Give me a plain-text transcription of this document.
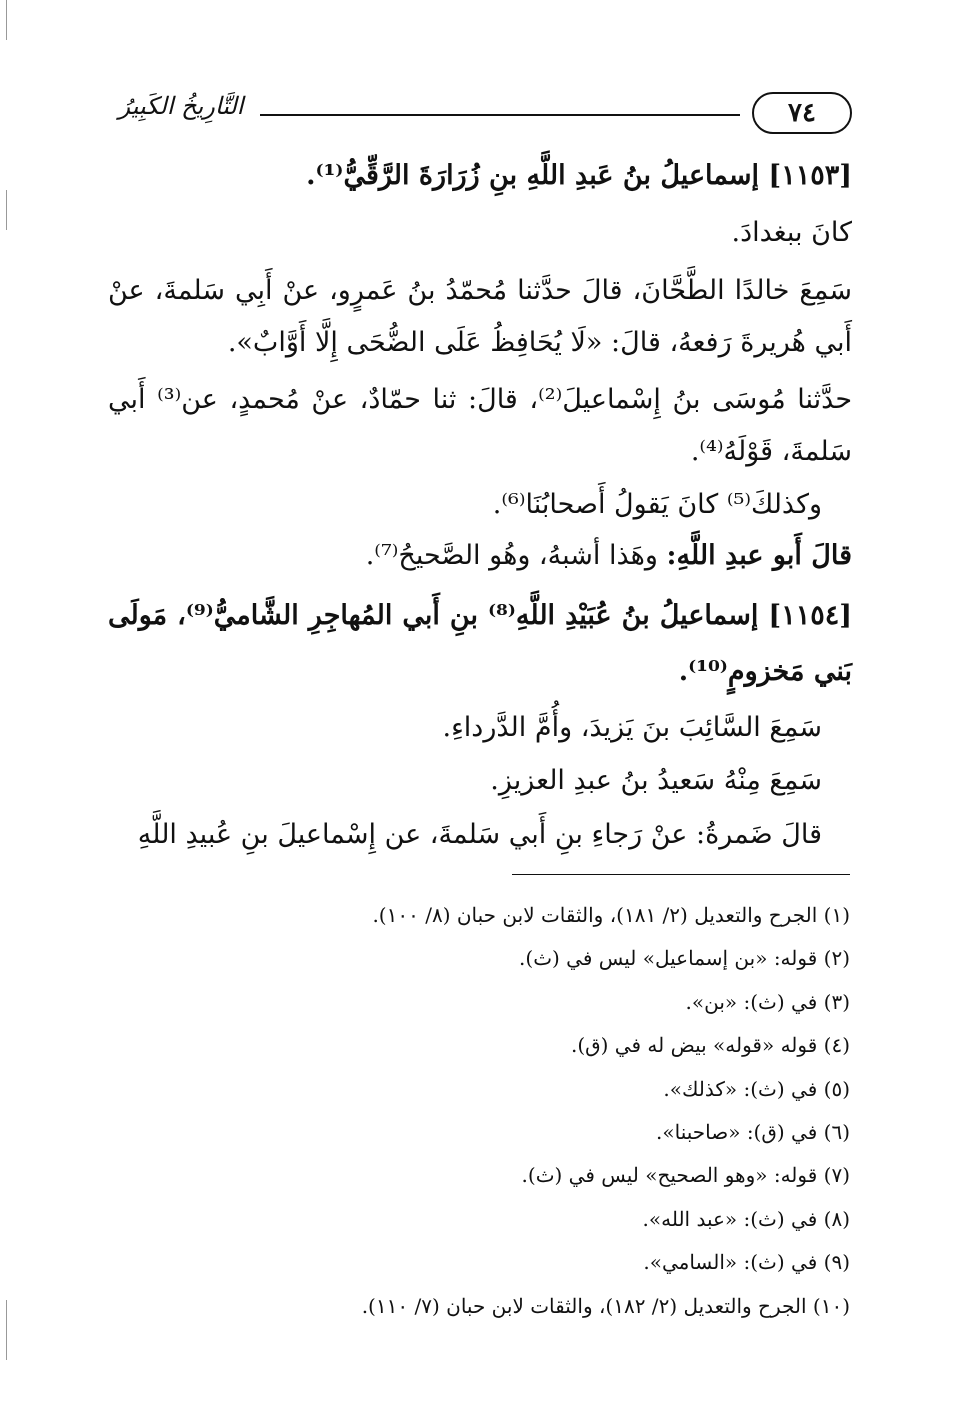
٧٤
التَّارِيخُ الكَبِيرُ
[١١٥٣] إسماعيلُ بنُ عَبدِ اللَّهِ بنِ زُرَارَةَ الرَّقِّيُّ⁽¹⁾.
كانَ ببغدادَ.
سَمِعَ خالدًا الطَّحَّانَ، قالَ حدَّثنا مُحمّدُ بنُ عَمرٍو، عنْ أَبِي سَلمةَ، عنْ أَبي هُريرةَ رَفعهُ، قالَ: «لَا يُحَافِظُ عَلَى الضُّحَى إِلَّا أَوَّابٌ».
حدَّثنا مُوسَى بنُ إِسْماعيلَ⁽²⁾، قالَ: ثنا حمّادٌ، عنْ مُحمدٍ، عن⁽³⁾ أَبي سَلمةَ، قَوْلَهُ⁽⁴⁾.
وكذلكَ⁽⁵⁾ كانَ يَقولُ أَصحابُنَا⁽⁶⁾.
قالَ أَبو عبدِ اللَّهِ: وهَذا أشبهُ، وهُو الصَّحيحُ⁽⁷⁾.
[١١٥٤] إسماعيلُ بنُ عُبَيْدِ اللَّهِ⁽⁸⁾ بنِ أَبي المُهاجِرِ الشَّاميُّ⁽⁹⁾، مَولَى بَني مَخزومٍ⁽¹⁰⁾.
سَمِعَ السَّائِبَ بنَ يَزيدَ، وأُمَّ الدَّرداءِ.
سَمِعَ مِنْهُ سَعيدُ بنُ عبدِ العزيزِ.
قالَ ضَمرةُ: عنْ رَجاءِ بنِ أَبي سَلمةَ، عن إِسْماعيلَ بنِ عُبيدِ اللَّهِ
(١) الجرح والتعديل (٢/ ١٨١)، والثقات لابن حبان (٨/ ١٠٠).
(٢) قوله: «بن إسماعيل» ليس في (ث).
(٣) في (ث): «بن».
(٤) قوله «قوله» بيض له في (ق).
(٥) في (ث): «كذلك».
(٦) في (ق): «صاحبنا».
(٧) قوله: «وهو الصحيح» ليس في (ث).
(٨) في (ث): «عبد الله».
(٩) في (ث): «السامي».
(١٠) الجرح والتعديل (٢/ ١٨٢)، والثقات لابن حبان (٧/ ١١٠).
